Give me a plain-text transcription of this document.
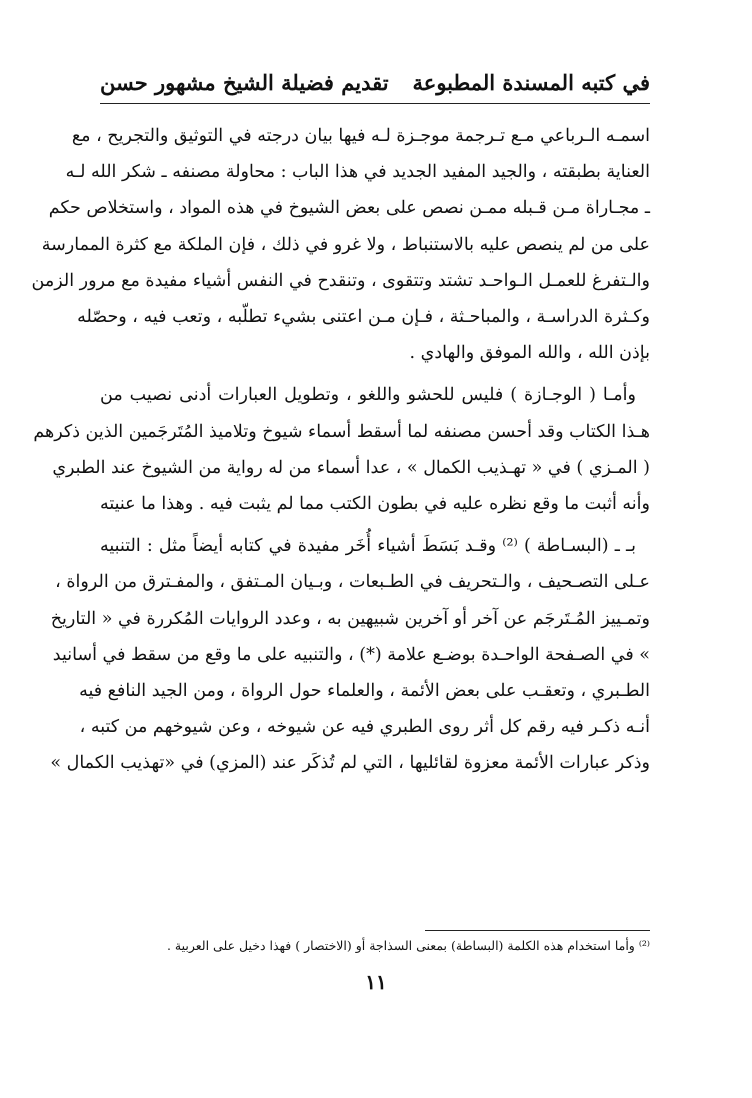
في كتبه المسندة المطبوعة
تقديم فضيلة الشيخ مشهور حسن
اسمـه الـرباعي مـع تـرجمة موجـزة لـه فيها بيان درجته في التوثيق والتجريح ، مع
العناية بطبقته ، والجيد المفيد الجديد في هذا الباب : محاولة مصنفه ـ شكر الله لـه
ـ مجـاراة مـن قـبله ممـن نصص على بعض الشيوخ في هذه المواد ، واستخلاص حكم
على من لم ينصص عليه بالاستنباط ، ولا غرو في ذلك ، فإن الملكة مع كثرة الممارسة
والـتفرغ للعمـل الـواحـد تشتد وتتقوى ، وتنقدح في النفس أشياء مفيدة مع مرور الزمن
وكـثرة الدراسـة ، والمباحـثة ، فـإن مـن اعتنى بشيء تطلّبه ، وتعب فيه ، وحصّله
بإذن الله ، والله الموفق والهادي .
وأمـا ( الوجـازة ) فليس للحشو واللغو ، وتطويل العبارات أدنى نصيب من
هـذا الكتاب وقد أحسن مصنفه لما أسقط أسماء شيوخ وتلاميذ المُتَرجَمين الذين ذكرهم
( المـزي ) في « تهـذيب الكمال » ، عدا أسماء من له رواية من الشيوخ عند الطبري
وأنه أثبت ما وقع نظره عليه في بطون الكتب مما لم يثبت فيه . وهذا ما عنيته
بـ ـ (البسـاطة ) ⁽²⁾ وقـد بَسَطَ أشياء أُخَر مفيدة في كتابه أيضاً مثل : التنبيه
عـلى التصـحيف ، والـتحريف في الطـبعات ، وبـيان المـتفق ، والمفـترق من الرواة ،
وتمـييز المُـتَرجَم عن آخر أو آخرين شبيهين به ، وعدد الروايات المُكررة في « التاريخ
» في الصـفحة الواحـدة بوضـع علامة (*) ، والتنبيه على ما وقع من سقط في أسانيد
الطـبري ، وتعقـب على بعض الأئمة ، والعلماء حول الرواة ، ومن الجيد النافع فيه
أنـه ذكـر فيه رقم كل أثر روى الطبري فيه عن شيوخه ، وعن شيوخهم من كتبه ،
وذكر عبارات الأئمة معزوة لقائليها ، التي لم تُذكَر عند (المزي) في «تهذيب الكمال »
⁽²⁾ وأما استخدام هذه الكلمة (البساطة) بمعنى السذاجة أو (الاختصار ) فهذا دخيل على العربية .
١١
